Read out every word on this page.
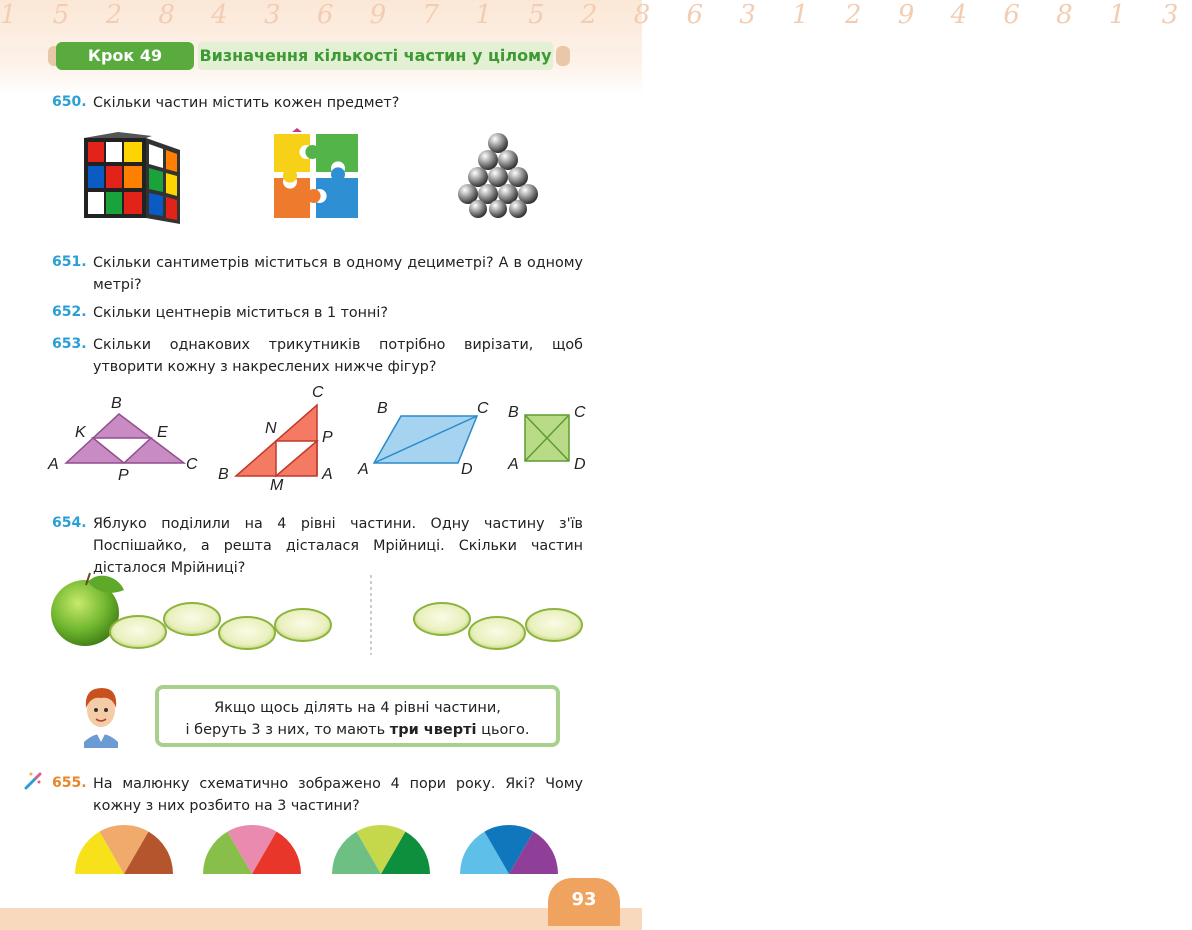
1 5 2 8 4 3 6 9 7 1 5 2 8 6 3 1 2 9 4 6 8 1 3
Крок 49	Визначення кількості частин у цілому
650. Скільки частин містить кожен предмет?
651. Скільки сантиметрів міститься в одному дециметрі? А в одному метрі?
652. Скільки центнерів міститься в 1 тонні?
653. Скільки однакових трикутників потрібно вирізати, щоб утворити кожну з накреслених нижче фігур?
B
K	E
A
P
C
C
N
P
B
M
A
B	C
A	D
B	C
A	D
654. Яблуко поділили на 4 рівні частини. Одну частину з'їв Поспішайко, а решта дісталася Мрійниці. Скільки частин дісталося Мрійниці?
Якщо щось ділять на 4 рівні частини,
і беруть 3 з них, то мають три чверті цього.
655. На малюнку схематично зображено 4 пори року. Які? Чому кожну з них розбито на 3 частини?
93
